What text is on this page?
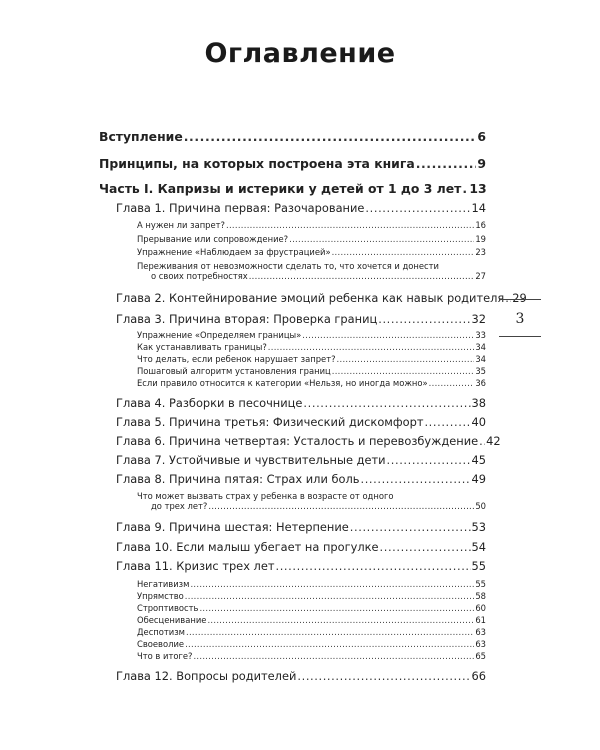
Оглавление
Вступление .....	6
Принципы, на которых построена эта книга .....	9
Часть I. Капризы и истерики у детей от 1 до 3 лет ..... 13
Глава 1. Причина первая: Разочарование .....	14
А нужен ли запрет? .....	16
Прерывание или сопровождение? .....	19
Упражнение «Наблюдаем за фрустрацией» .....	23
Переживания от невозможности сделать то, что хочется и донести
о своих потребностях .....	27
Глава 2. Контейнирование эмоций ребенка как навык родителя ..... 29
Глава 3. Причина вторая: Проверка границ .....	32
Упражнение «Определяем границы» .....	33
Как устанавливать границы? .....	34
Что делать, если ребенок нарушает запрет? .....	34
Пошаговый алгоритм установления границ .....	35
Если правило относится к категории «Нельзя, но иногда можно» .....	36
Глава 4. Разборки в песочнице .....	38
Глава 5. Причина третья: Физический дискомфорт .....	40
Глава 6. Причина четвертая: Усталость и перевозбуждение ..... 42
Глава 7. Устойчивые и чувствительные дети .....	45
Глава 8. Причина пятая: Страх или боль .....	49
Что может вызвать страх у ребенка в возрасте от одного
до трех лет? .....	50
Глава 9. Причина шестая: Нетерпение .....	53
Глава 10. Если малыш убегает на прогулке .....	54
Глава 11. Кризис трех лет .....	55
Негативизм .....	55
Упрямство .....	58
Строптивость .....	60
Обесценивание .....	61
Деспотизм .....	63
Своеволие .....	63
Что в итоге? .....	65
Глава 12. Вопросы родителей .....	66
3
